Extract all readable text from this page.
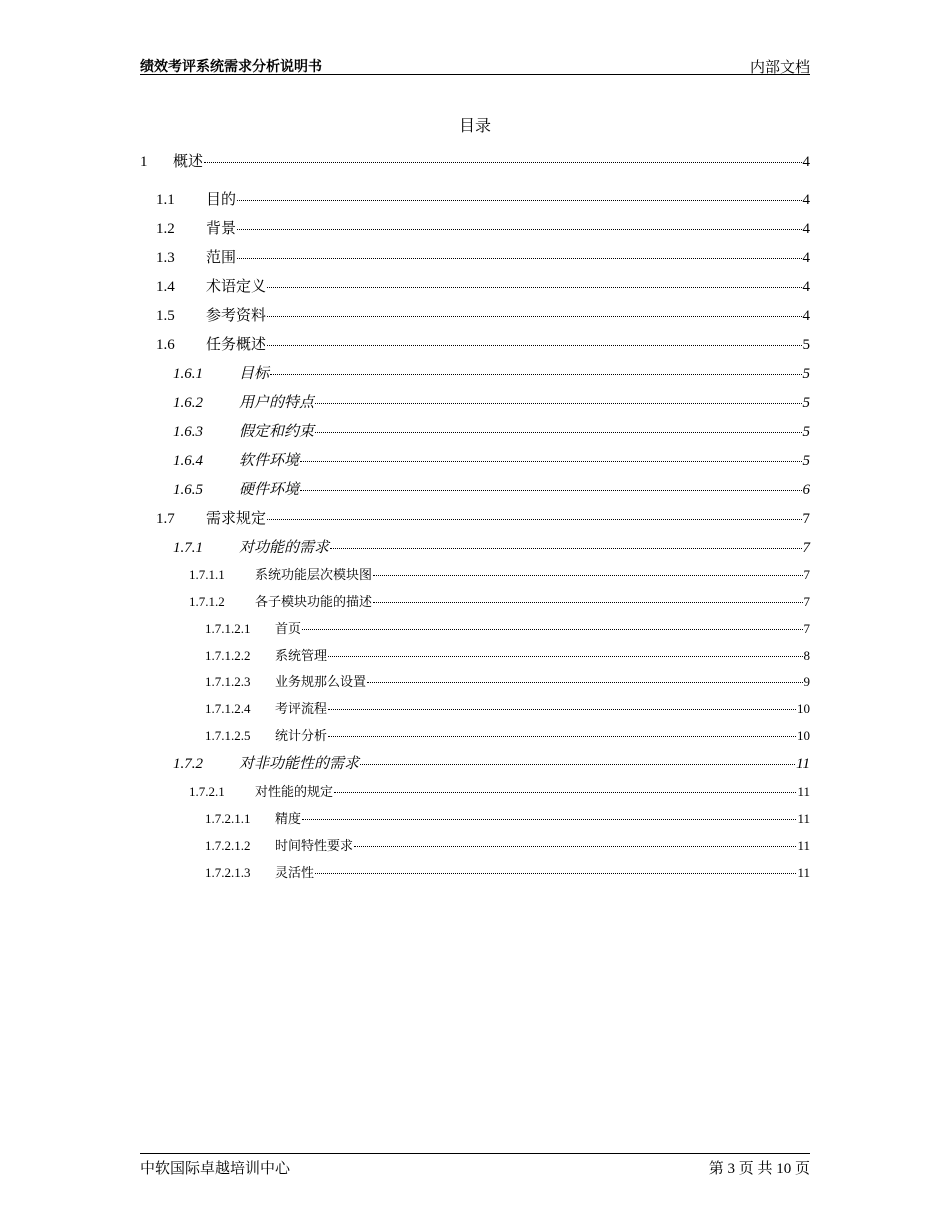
绩效考评系统需求分析说明书	内部文档
目录
1	概述	4
1.1	目的	4
1.2	背景	4
1.3	范围	4
1.4	术语定义	4
1.5	参考资料	4
1.6	任务概述	5
1.6.1	目标	5
1.6.2	用户的特点	5
1.6.3	假定和约束	5
1.6.4	软件环境	5
1.6.5	硬件环境	6
1.7	需求规定	7
1.7.1	对功能的需求	7
1.7.1.1	系统功能层次模块图	7
1.7.1.2	各子模块功能的描述	7
1.7.1.2.1	首页	7
1.7.1.2.2	系统管理	8
1.7.1.2.3	业务规那么设置	9
1.7.1.2.4	考评流程	10
1.7.1.2.5	统计分析	10
1.7.2	对非功能性的需求	11
1.7.2.1	对性能的规定	11
1.7.2.1.1	精度	11
1.7.2.1.2	时间特性要求	11
1.7.2.1.3	灵活性	11
中软国际卓越培训中心	第 3 页 共 10 页
